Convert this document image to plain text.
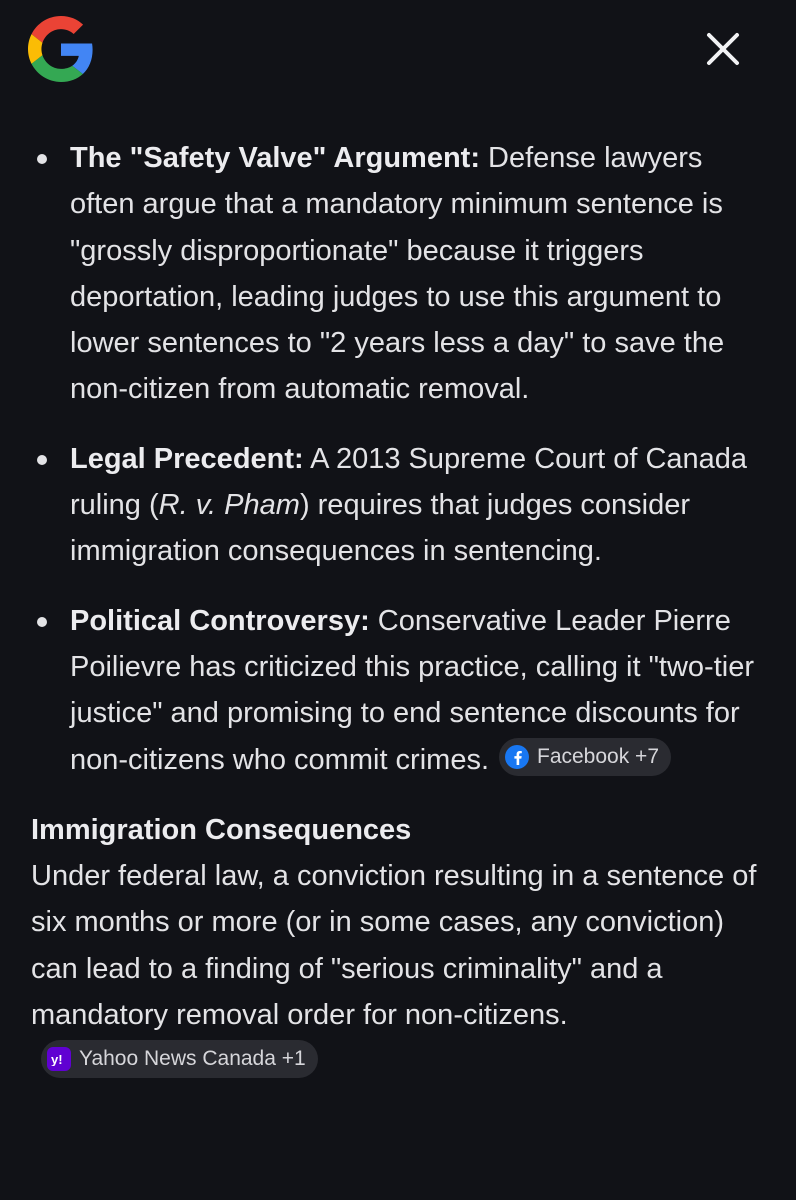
The "Safety Valve" Argument: Defense lawyers often argue that a mandatory minimum sentence is "grossly disproportionate" because it triggers deportation, leading judges to use this argument to lower sentences to "2 years less a day" to save the non-citizen from automatic removal.
Legal Precedent: A 2013 Supreme Court of Canada ruling (R. v. Pham) requires that judges consider immigration consequences in sentencing.
Political Controversy: Conservative Leader Pierre Poilievre has criticized this practice, calling it "two-tier justice" and promising to end sentence discounts for non-citizens who commit crimes. Facebook +7
Immigration Consequences

Under federal law, a conviction resulting in a sentence of six months or more (or in some cases, any conviction) can lead to a finding of "serious criminality" and a mandatory removal order for non-citizens.
y! Yahoo News Canada +1
